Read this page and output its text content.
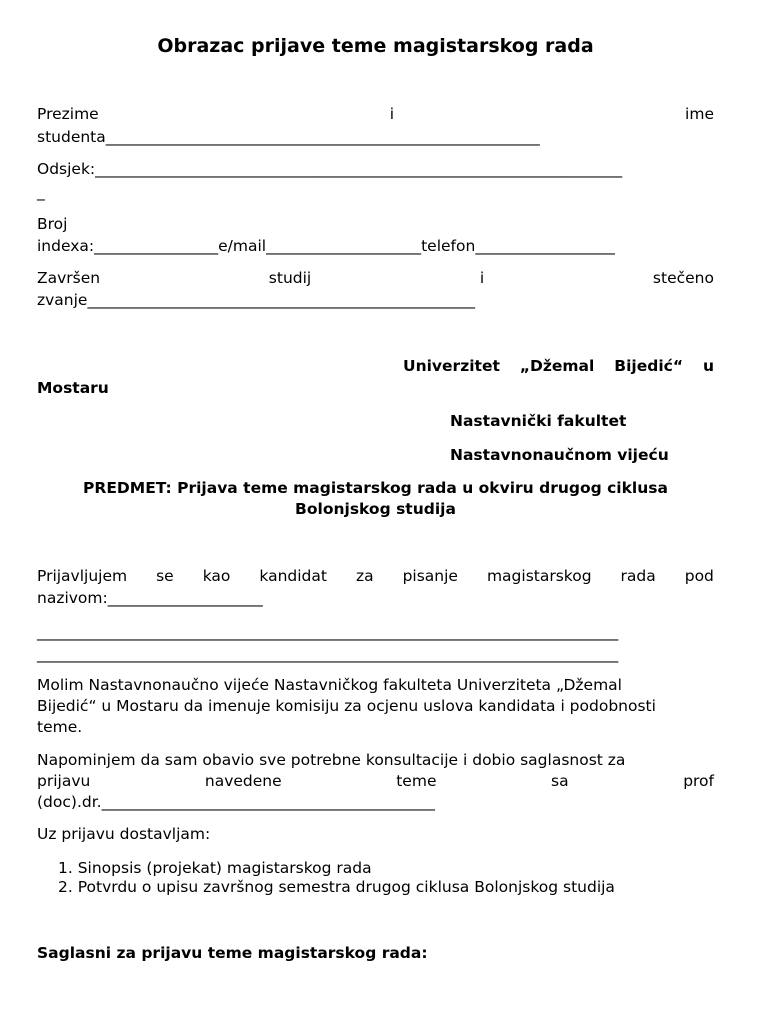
Obrazac prijave teme magistarskog rada
Prezime	i	ime
studenta________________________________________________________
Odsjek:____________________________________________________________________
_
Broj
indexa:________________e/mail____________________telefon__________________
Završen	studij	i	stečeno
zvanje__________________________________________________
Univerzitet „Džemal Bijedić“ u
Mostaru
Nastavnički fakultet
Nastavnonaučnom vijeću
PREDMET: Prijava teme magistarskog rada u okviru drugog ciklusa
Bolonjskog studija
Prijavljujem se kao kandidat za pisanje magistarskog rada pod
nazivom:____________________
___________________________________________________________________________
___________________________________________________________________________
Molim Nastavnonaučno vijeće Nastavničkog fakulteta Univerziteta „Džemal
Bijedić“ u Mostaru da imenuje komisiju za ocjenu uslova kandidata i podobnosti
teme.
Napominjem da sam obavio sve potrebne konsultacije i dobio saglasnost za
prijavu	navedene	teme	sa	prof
(doc).dr.___________________________________________
Uz prijavu dostavljam:
1. Sinopsis (projekat) magistarskog rada
2. Potvrdu o upisu završnog semestra drugog ciklusa Bolonjskog studija
Saglasni za prijavu teme magistarskog rada:
